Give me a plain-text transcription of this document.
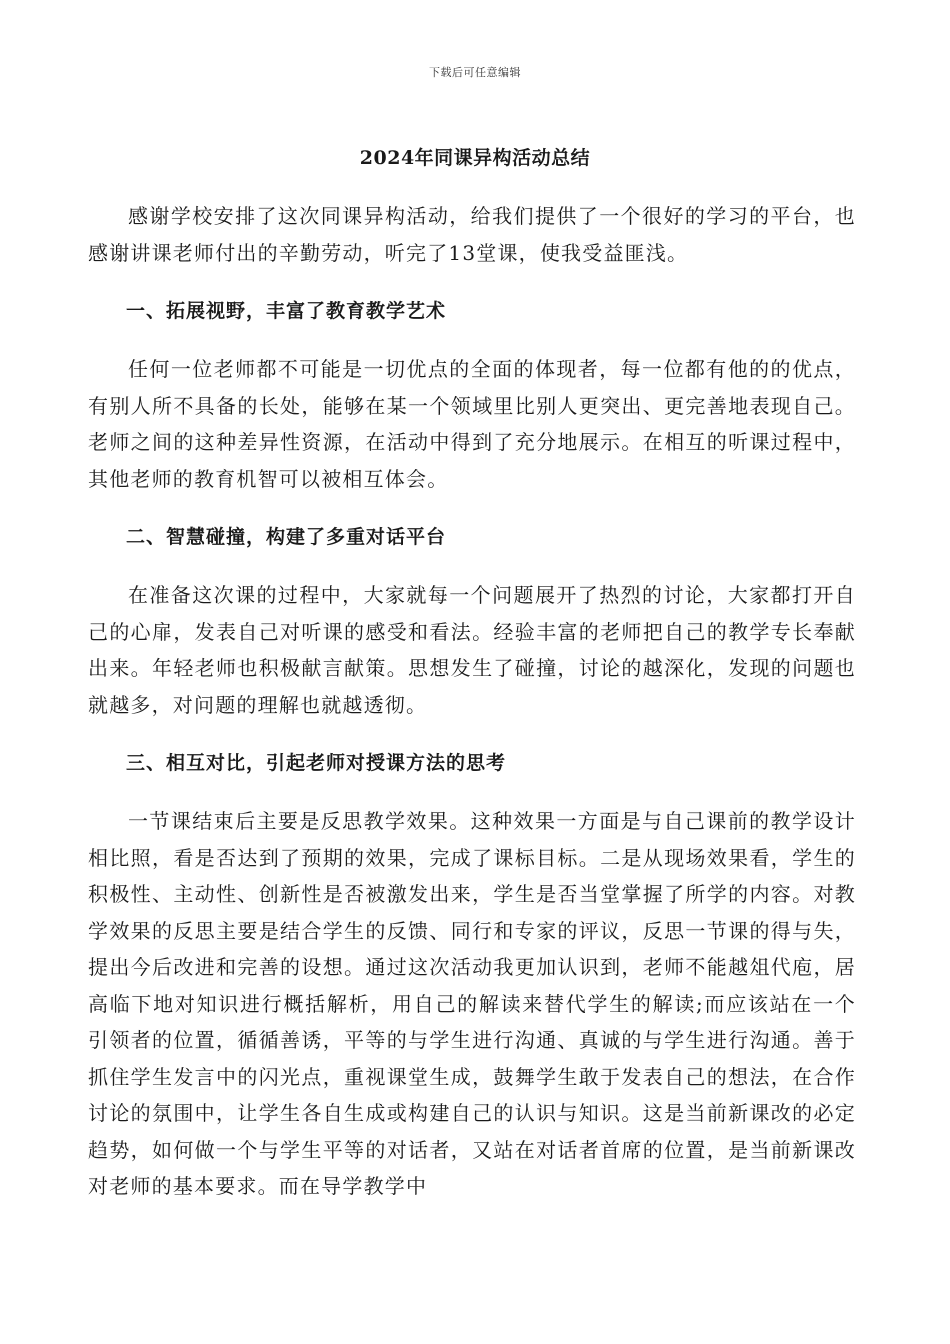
下载后可任意编辑
2024年同课异构活动总结

感谢学校安排了这次同课异构活动，给我们提供了一个很好的学习的平台，也感谢讲课老师付出的辛勤劳动，听完了13堂课，使我受益匪浅。

一、拓展视野，丰富了教育教学艺术

任何一位老师都不可能是一切优点的全面的体现者，每一位都有他的的优点，有别人所不具备的长处，能够在某一个领域里比别人更突出、更完善地表现自己。老师之间的这种差异性资源，在活动中得到了充分地展示。在相互的听课过程中，其他老师的教育机智可以被相互体会。

二、智慧碰撞，构建了多重对话平台

在准备这次课的过程中，大家就每一个问题展开了热烈的讨论，大家都打开自己的心扉，发表自己对听课的感受和看法。经验丰富的老师把自己的教学专长奉献出来。年轻老师也积极献言献策。思想发生了碰撞，讨论的越深化，发现的问题也就越多，对问题的理解也就越透彻。

三、相互对比，引起老师对授课方法的思考

一节课结束后主要是反思教学效果。这种效果一方面是与自己课前的教学设计相比照，看是否达到了预期的效果，完成了课标目标。二是从现场效果看，学生的积极性、主动性、创新性是否被激发出来，学生是否当堂掌握了所学的内容。对教学效果的反思主要是结合学生的反馈、同行和专家的评议，反思一节课的得与失，提出今后改进和完善的设想。通过这次活动我更加认识到，老师不能越俎代庖，居高临下地对知识进行概括解析，用自己的解读来替代学生的解读;而应该站在一个引领者的位置，循循善诱，平等的与学生进行沟通、真诚的与学生进行沟通。善于抓住学生发言中的闪光点，重视课堂生成，鼓舞学生敢于发表自己的想法，在合作讨论的氛围中，让学生各自生成或构建自己的认识与知识。这是当前新课改的必定趋势，如何做一个与学生平等的对话者，又站在对话者首席的位置，是当前新课改对老师的基本要求。而在导学教学中
